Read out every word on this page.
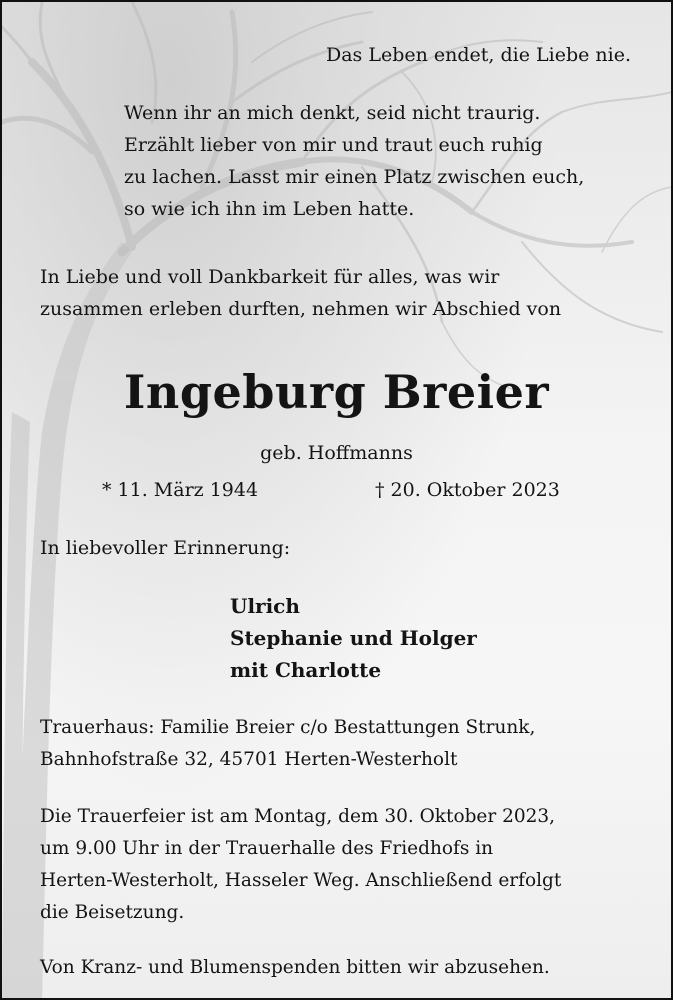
Das Leben endet, die Liebe nie.
Wenn ihr an mich denkt, seid nicht traurig.
Erzählt lieber von mir und traut euch ruhig
zu lachen. Lasst mir einen Platz zwischen euch,
so wie ich ihn im Leben hatte.
In Liebe und voll Dankbarkeit für alles, was wir
zusammen erleben durften, nehmen wir Abschied von
Ingeburg Breier
geb. Hoffmanns
* 11. März 1944	† 20. Oktober 2023
In liebevoller Erinnerung:
Ulrich
Stephanie und Holger
mit Charlotte
Trauerhaus: Familie Breier c/o Bestattungen Strunk,
Bahnhofstraße 32, 45701 Herten-Westerholt
Die Trauerfeier ist am Montag, dem 30. Oktober 2023,
um 9.00 Uhr in der Trauerhalle des Friedhofs in
Herten-Westerholt, Hasseler Weg. Anschließend erfolgt
die Beisetzung.
Von Kranz- und Blumenspenden bitten wir abzusehen.
